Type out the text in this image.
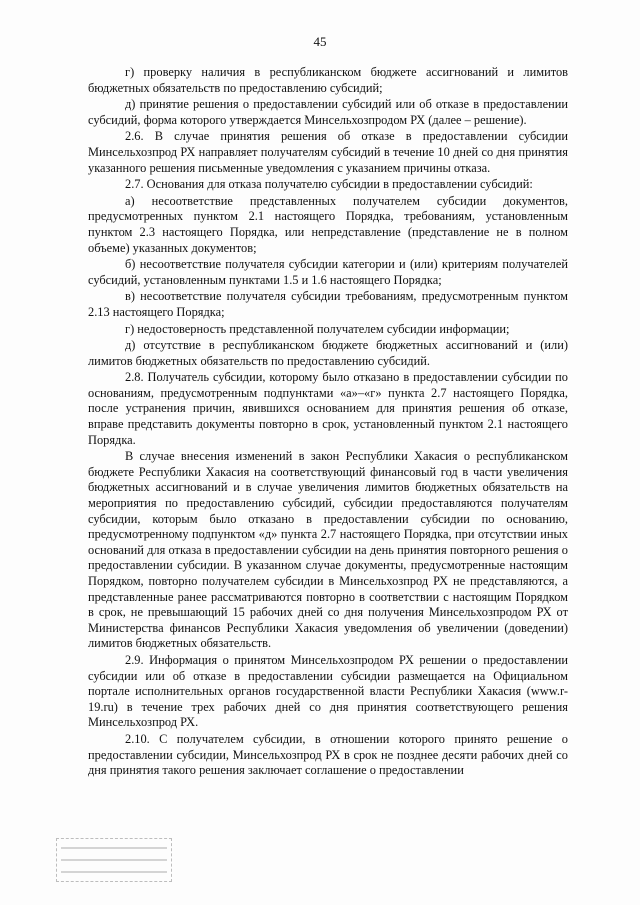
45

г) проверку наличия в республиканском бюджете ассигнований и лимитов бюджетных обязательств по предоставлению субсидий;

д) принятие решения о предоставлении субсидий или об отказе в предоставлении субсидий, форма которого утверждается Минсельхозпродом РХ (далее – решение).

2.6. В случае принятия решения об отказе в предоставлении субсидии Минсельхозпрод РХ направляет получателям субсидий в течение 10 дней со дня принятия указанного решения письменные уведомления с указанием причины отказа.

2.7. Основания для отказа получателю субсидии в предоставлении субсидий:

а) несоответствие представленных получателем субсидии документов, предусмотренных пунктом 2.1 настоящего Порядка, требованиям, установленным пунктом 2.3 настоящего Порядка, или непредставление (представление не в полном объеме) указанных документов;

б) несоответствие получателя субсидии категории и (или) критериям получателей субсидий, установленным пунктами 1.5 и 1.6 настоящего Порядка;

в) несоответствие получателя субсидии требованиям, предусмотренным пунктом 2.13 настоящего Порядка;

г) недостоверность представленной получателем субсидии информации;

д) отсутствие в республиканском бюджете бюджетных ассигнований и (или) лимитов бюджетных обязательств по предоставлению субсидий.

2.8. Получатель субсидии, которому было отказано в предоставлении субсидии по основаниям, предусмотренным подпунктами «а»–«г» пункта 2.7 настоящего Порядка, после устранения причин, явившихся основанием для принятия решения об отказе, вправе представить документы повторно в срок, установленный пунктом 2.1 настоящего Порядка.

В случае внесения изменений в закон Республики Хакасия о республиканском бюджете Республики Хакасия на соответствующий финансовый год в части увеличения бюджетных ассигнований и в случае увеличения лимитов бюджетных обязательств на мероприятия по предоставлению субсидий, субсидии предоставляются получателям субсидии, которым было отказано в предоставлении субсидии по основанию, предусмотренному подпунктом «д» пункта 2.7 настоящего Порядка, при отсутствии иных оснований для отказа в предоставлении субсидии на день принятия повторного решения о предоставлении субсидии. В указанном случае документы, предусмотренные настоящим Порядком, повторно получателем субсидии в Минсельхозпрод РХ не представляются, а представленные ранее рассматриваются повторно в соответствии с настоящим Порядком в срок, не превышающий 15 рабочих дней со дня получения Минсельхозпродом РХ от Министерства финансов Республики Хакасия уведомления об увеличении (доведении) лимитов бюджетных обязательств.

2.9. Информация о принятом Минсельхозпродом РХ решении о предоставлении субсидии или об отказе в предоставлении субсидии размещается на Официальном портале исполнительных органов государственной власти Республики Хакасия (www.r-19.ru) в течение трех рабочих дней со дня принятия соответствующего решения Минсельхозпрод РХ.

2.10. С получателем субсидии, в отношении которого принято решение о предоставлении субсидии, Минсельхозпрод РХ в срок не позднее десяти рабочих дней со дня принятия такого решения заключает соглашение о предоставлении
